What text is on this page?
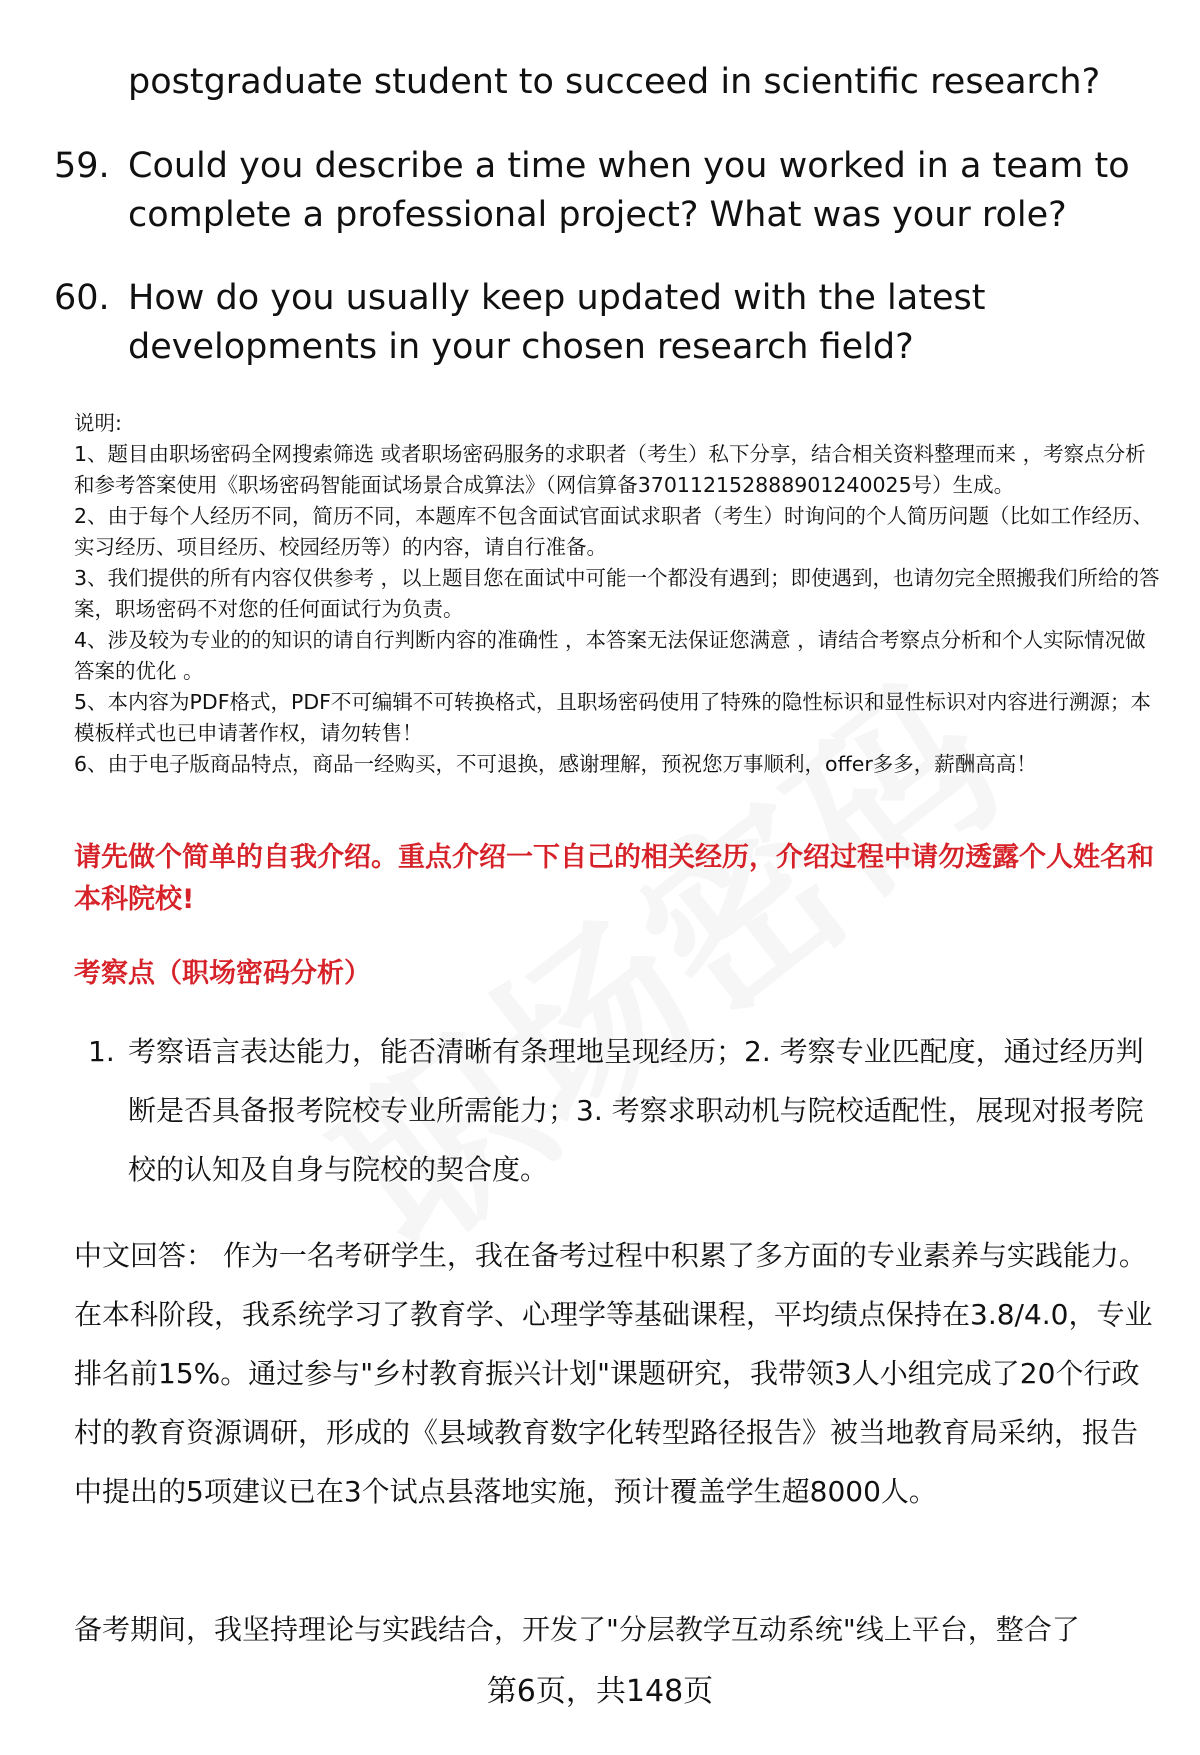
postgraduate student to succeed in scientific research?
59. Could you describe a time when you worked in a team to complete a professional project? What was your role?
60. How do you usually keep updated with the latest developments in your chosen research field?

说明:

1、题目由职场密码全网搜索筛选 或者职场密码服务的求职者（考生）私下分享，结合相关资料整理而来 ，考察点分析和参考答案使用《职场密码智能面试场景合成算法》（网信算备370112152888901240025号）生成。

2、由于每个人经历不同，简历不同，本题库不包含面试官面试求职者（考生）时询问的个人简历问题（比如工作经历、实习经历、项目经历、校园经历等）的内容，请自行准备。

3、我们提供的所有内容仅供参考 ，以上题目您在面试中可能一个都没有遇到；即使遇到，也请勿完全照搬我们所给的答案，职场密码不对您的任何面试行为负责。

4、涉及较为专业的的知识的请自行判断内容的准确性 ，本答案无法保证您满意 ，请结合考察点分析和个人实际情况做答案的优化 。

5、本内容为PDF格式，PDF不可编辑不可转换格式，且职场密码使用了特殊的隐性标识和显性标识对内容进行溯源；本模板样式也已申请著作权，请勿转售！

6、由于电子版商品特点，商品一经购买，不可退换，感谢理解，预祝您万事顺利，offer多多，薪酬高高！

请先做个简单的自我介绍。重点介绍一下自己的相关经历，介绍过程中请勿透露个人姓名和本科院校!
考察点（职场密码分析）
1. 考察语言表达能力，能否清晰有条理地呈现经历；2. 考察专业匹配度，通过经历判断是否具备报考院校专业所需能力；3. 考察求职动机与院校适配性，展现对报考院校的认知及自身与院校的契合度。
中文回答： 作为一名考研学生，我在备考过程中积累了多方面的专业素养与实践能力。在本科阶段，我系统学习了教育学、心理学等基础课程，平均绩点保持在3.8/4.0，专业排名前15%。通过参与"乡村教育振兴计划"课题研究，我带领3人小组完成了20个行政村的教育资源调研，形成的《县域教育数字化转型路径报告》被当地教育局采纳，报告中提出的5项建议已在3个试点县落地实施，预计覆盖学生超8000人。
备考期间，我坚持理论与实践结合，开发了"分层教学互动系统"线上平台，整合了
第6页，共148页
